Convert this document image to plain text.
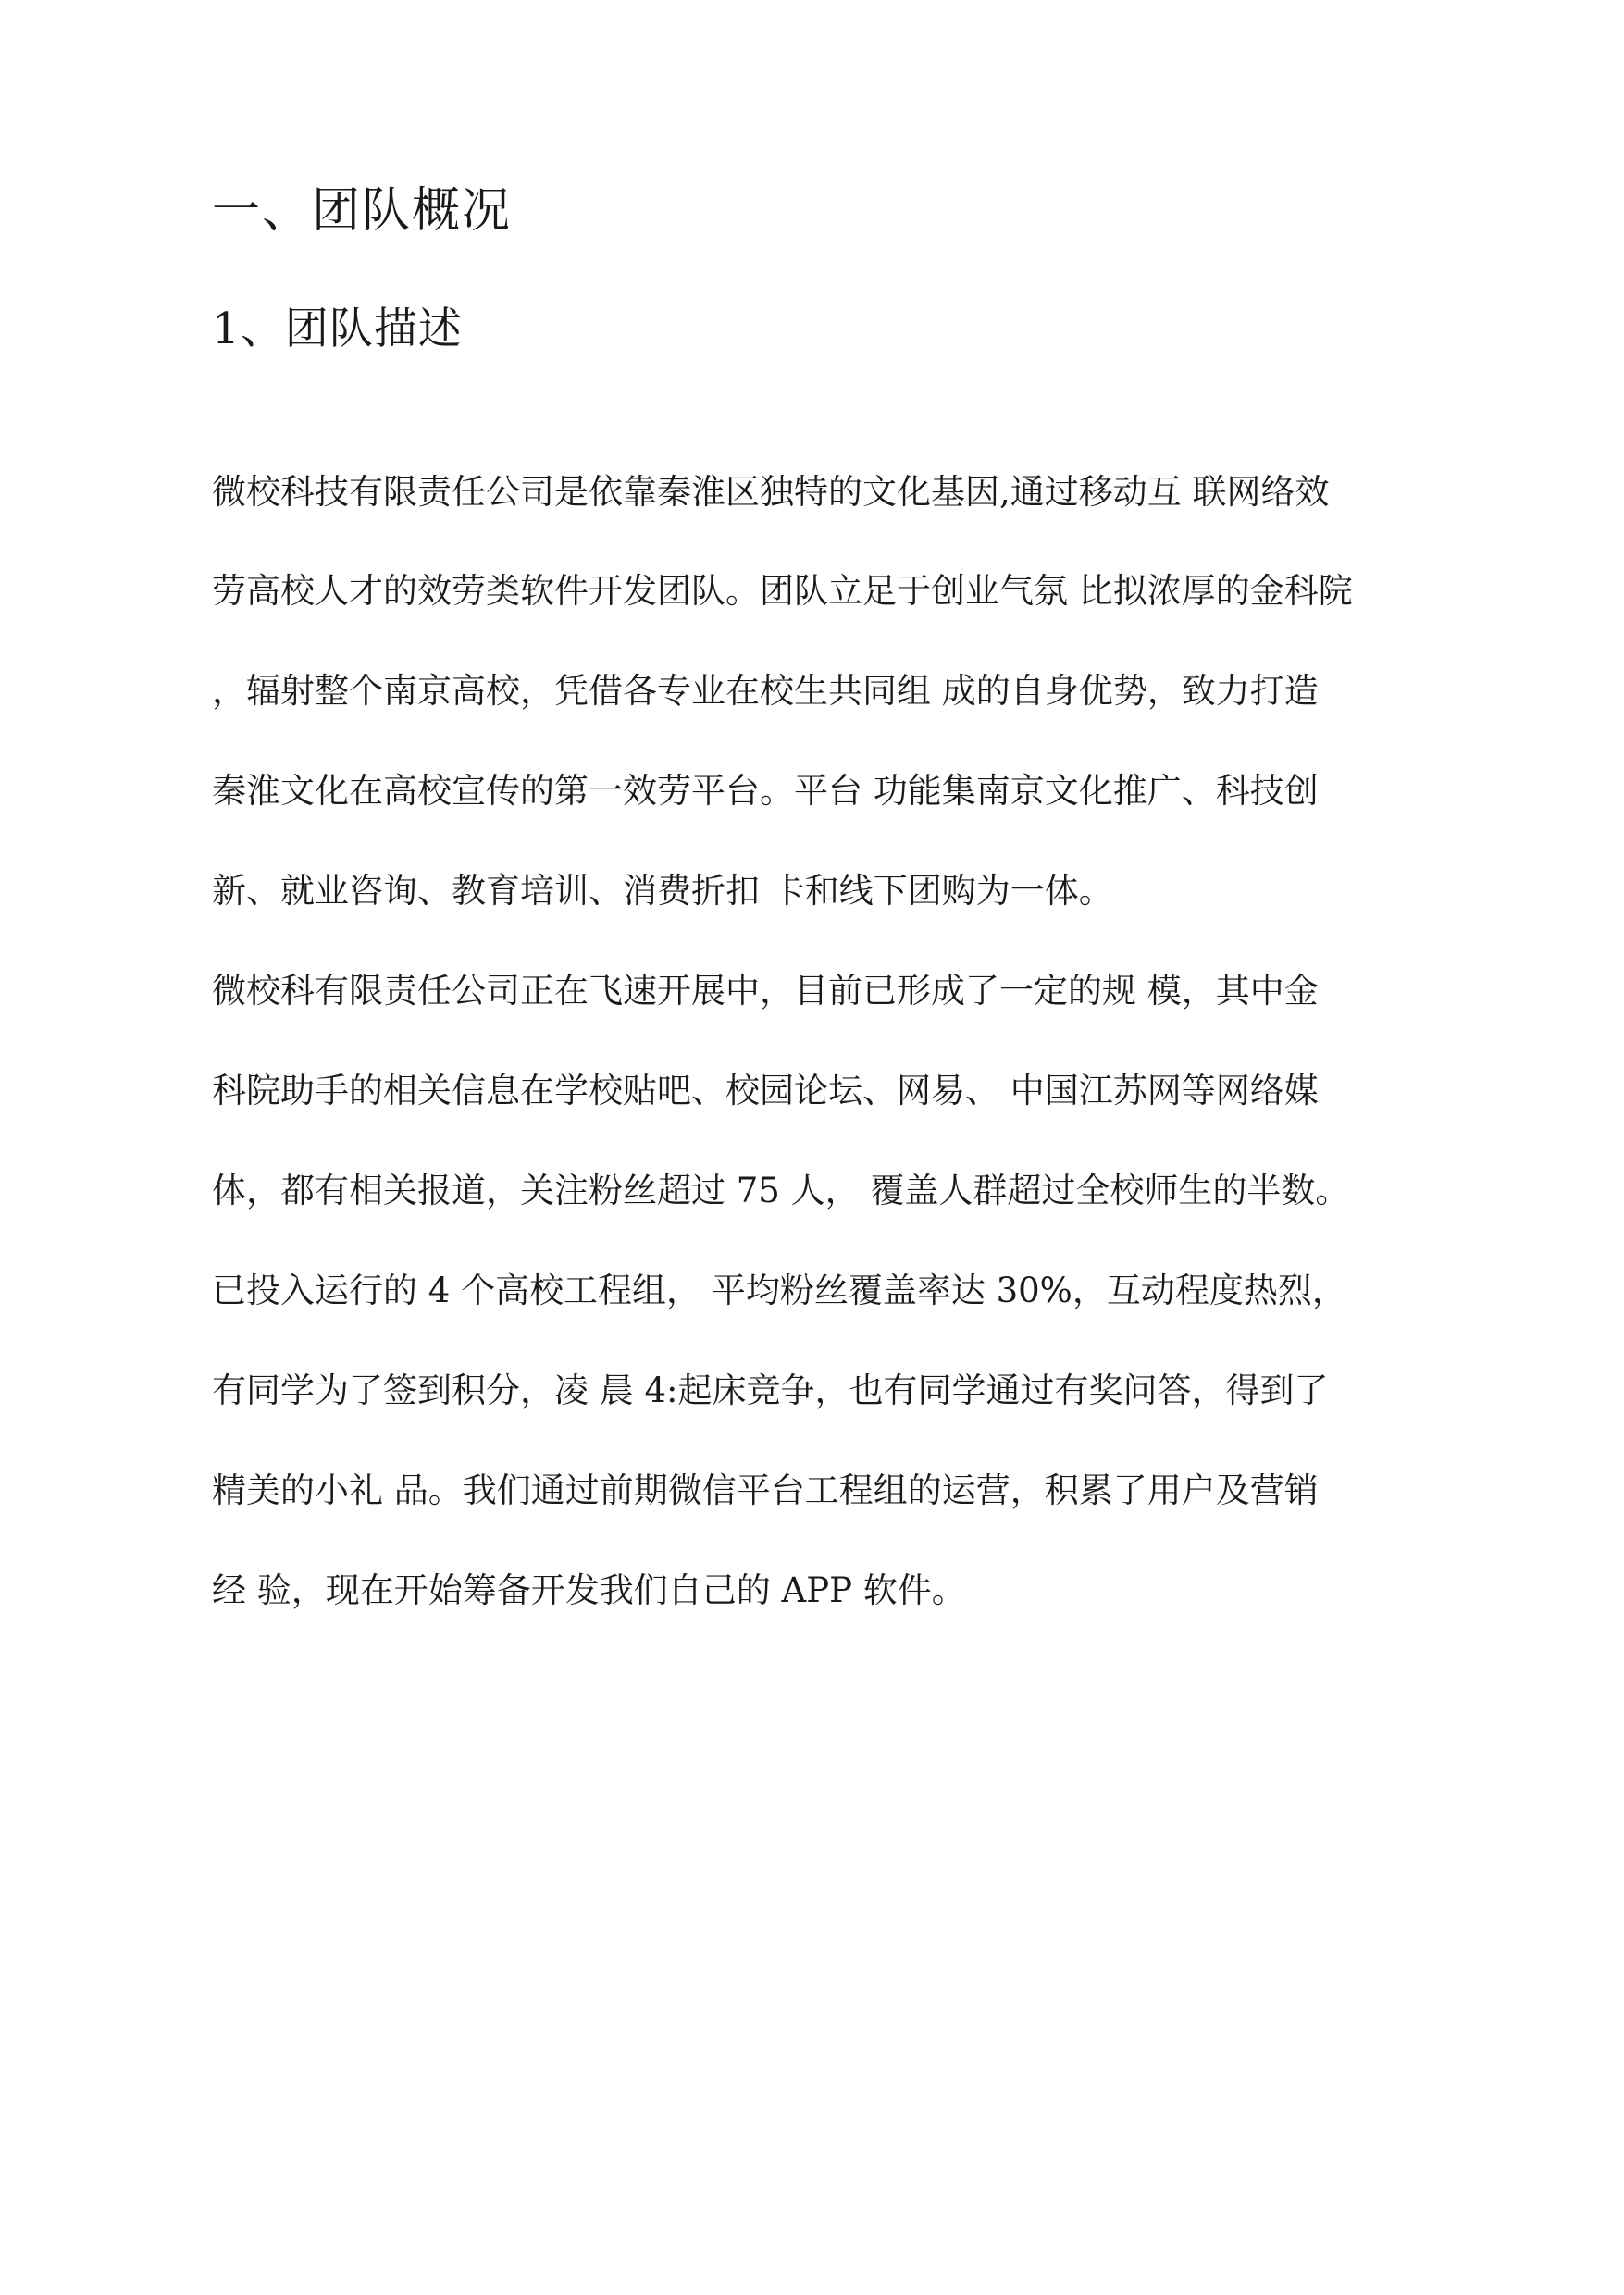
一、团队概况
1、团队描述
微校科技有限责任公司是依靠秦淮区独特的文化基因,通过移动互 联网络效
劳高校人才的效劳类软件开发团队。团队立足于创业气氛 比拟浓厚的金科院
，辐射整个南京高校，凭借各专业在校生共同组 成的自身优势，致力打造
秦淮文化在高校宣传的第一效劳平台。平台 功能集南京文化推广、科技创
新、就业咨询、教育培训、消费折扣 卡和线下团购为一体。
微校科有限责任公司正在飞速开展中，目前已形成了一定的规 模，其中金
科院助手的相关信息在学校贴吧、校园论坛、网易、 中国江苏网等网络媒
体，都有相关报道，关注粉丝超过 75 人， 覆盖人群超过全校师生的半数。
已投入运行的 4 个高校工程组， 平均粉丝覆盖率达 30%，互动程度热烈，
有同学为了签到积分，凌 晨 4:起床竞争，也有同学通过有奖问答，得到了
精美的小礼 品。我们通过前期微信平台工程组的运营，积累了用户及营销
经 验，现在开始筹备开发我们自己的 APP 软件。
